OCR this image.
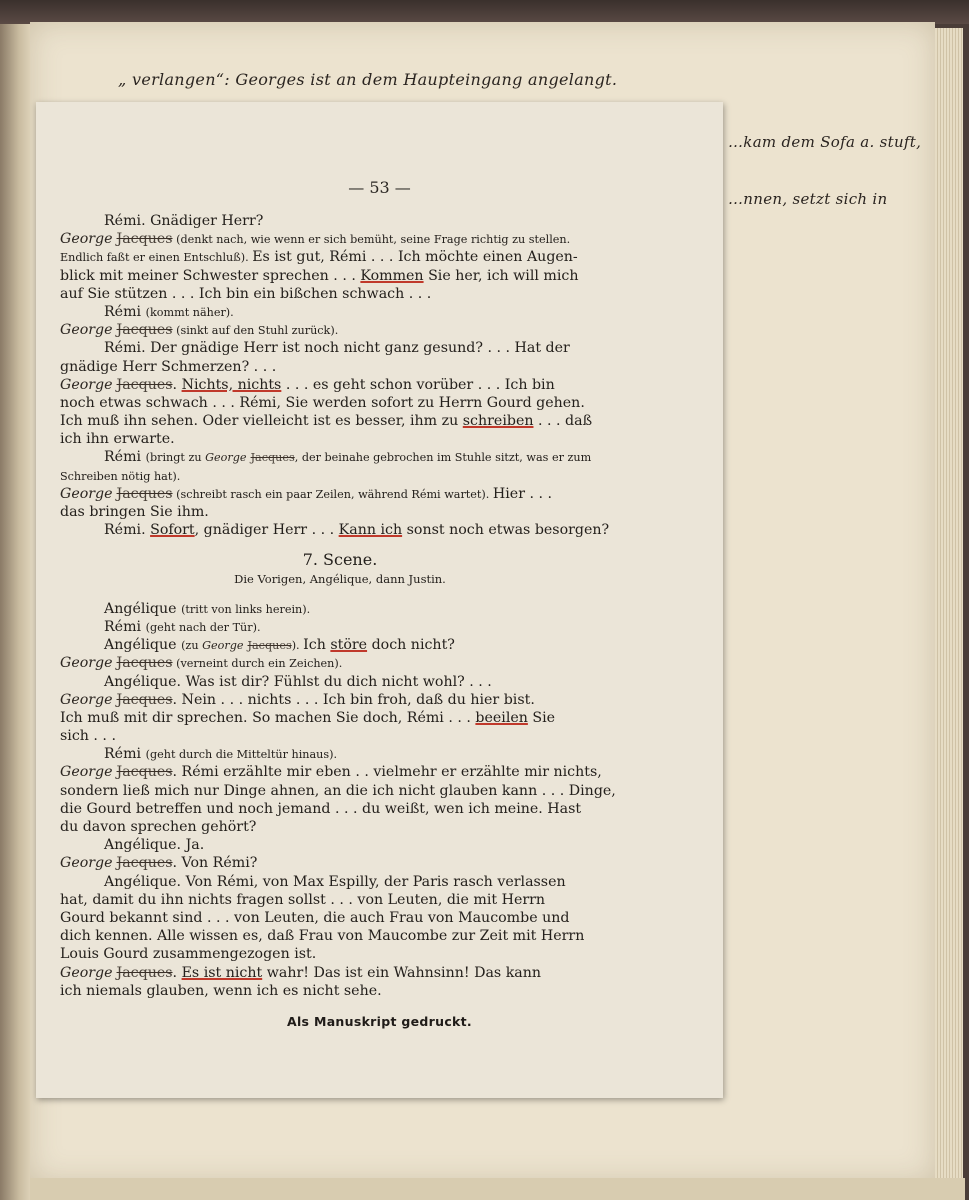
„ verlangen“: Georges ist an dem Haupteingang angelangt.
…kam dem Sofa a. stuft,
…nnen, setzt sich in
— 53 —
Rémi. Gnädiger Herr?
George Jacques (denkt nach, wie wenn er sich bemüht, seine Frage richtig zu stellen.
Endlich faßt er einen Entschluß). Es ist gut, Rémi . . . Ich möchte einen Augen-
blick mit meiner Schwester sprechen . . . Kommen Sie her, ich will mich
auf Sie stützen . . . Ich bin ein bißchen schwach . . .
Rémi (kommt näher).
George Jacques (sinkt auf den Stuhl zurück).
Rémi. Der gnädige Herr ist noch nicht ganz gesund? . . . Hat der
gnädige Herr Schmerzen? . . .
George Jacques. Nichts, nichts . . . es geht schon vorüber . . . Ich bin
noch etwas schwach . . . Rémi, Sie werden sofort zu Herrn Gourd gehen.
Ich muß ihn sehen. Oder vielleicht ist es besser, ihm zu schreiben . . . daß
ich ihn erwarte.
Rémi (bringt zu George Jacques, der beinahe gebrochen im Stuhle sitzt, was er zum
Schreiben nötig hat).
George Jacques (schreibt rasch ein paar Zeilen, während Rémi wartet). Hier . . .
das bringen Sie ihm.
Rémi. Sofort, gnädiger Herr . . . Kann ich sonst noch etwas besorgen?
7. Scene.
Die Vorigen, Angélique, dann Justin.
Angélique (tritt von links herein).
Rémi (geht nach der Tür).
Angélique (zu George Jacques). Ich störe doch nicht?
George Jacques (verneint durch ein Zeichen).
Angélique. Was ist dir? Fühlst du dich nicht wohl? . . .
George Jacques. Nein . . . nichts . . . Ich bin froh, daß du hier bist.
Ich muß mit dir sprechen. So machen Sie doch, Rémi . . . beeilen Sie
sich . . .
Rémi (geht durch die Mitteltür hinaus).
George Jacques. Rémi erzählte mir eben . . vielmehr er erzählte mir nichts,
sondern ließ mich nur Dinge ahnen, an die ich nicht glauben kann . . . Dinge,
die Gourd betreffen und noch jemand . . . du weißt, wen ich meine. Hast
du davon sprechen gehört?
Angélique. Ja.
George Jacques. Von Rémi?
Angélique. Von Rémi, von Max Espilly, der Paris rasch verlassen
hat, damit du ihn nichts fragen sollst . . . von Leuten, die mit Herrn
Gourd bekannt sind . . . von Leuten, die auch Frau von Maucombe und
dich kennen. Alle wissen es, daß Frau von Maucombe zur Zeit mit Herrn
Louis Gourd zusammengezogen ist.
George Jacques. Es ist nicht wahr! Das ist ein Wahnsinn! Das kann
ich niemals glauben, wenn ich es nicht sehe.
Als Manuskript gedruckt.
